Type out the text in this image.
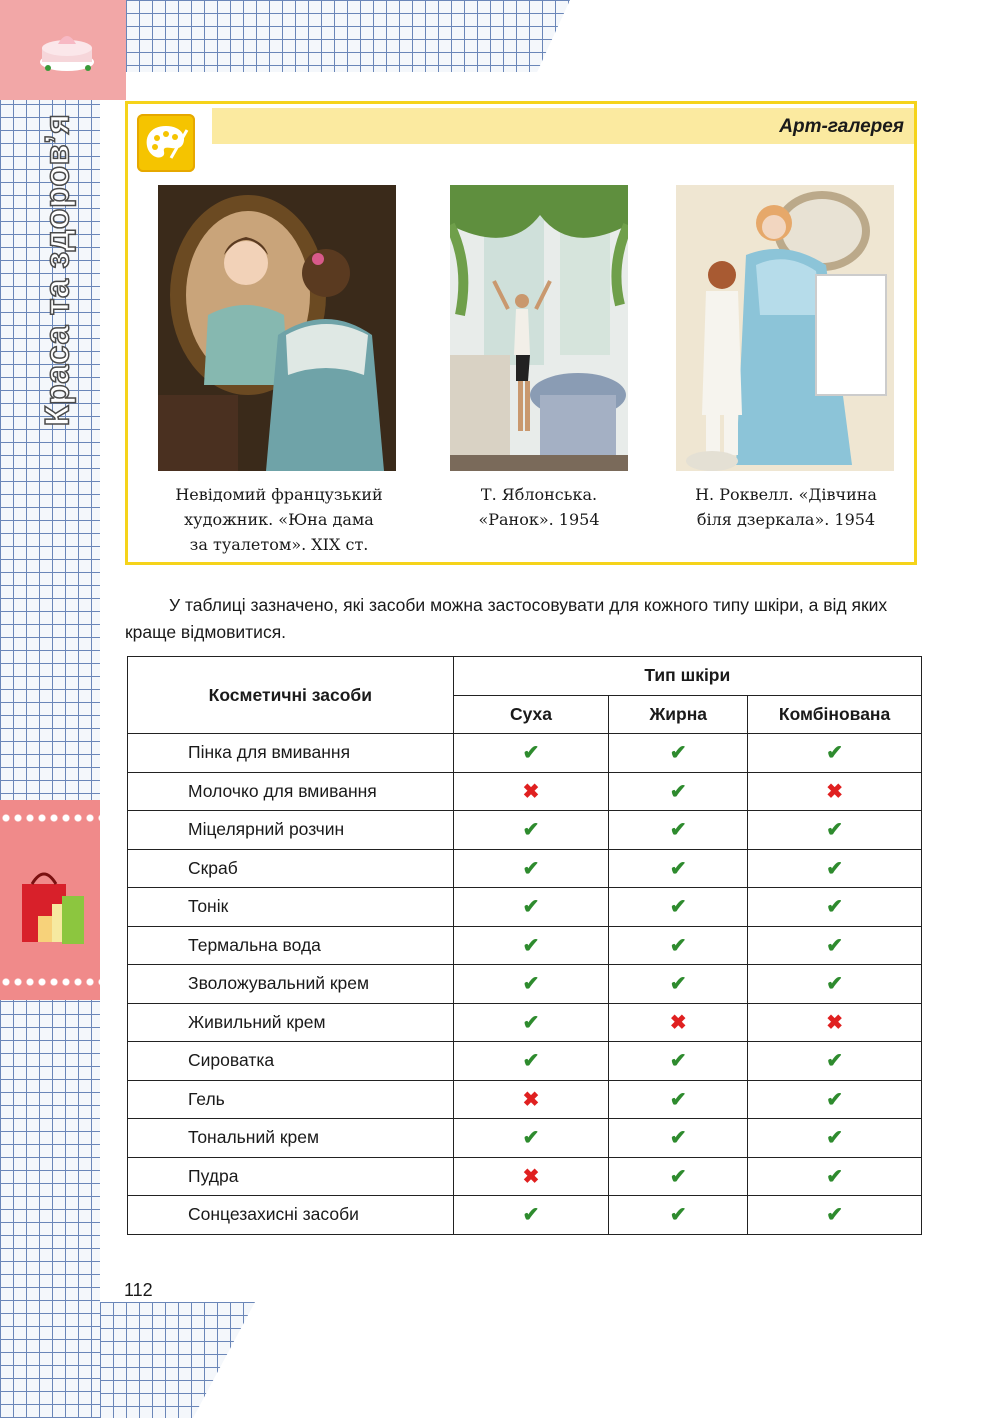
Краса та здоров’я	Арт-галерея
Невідомий французький
художник. «Юна дама
за туалетом». XIX ст.
Т. Яблонська.
«Ранок». 1954
Н. Роквелл. «Дівчина
біля дзеркала». 1954

У таблиці зазначено, які засоби можна застосовувати для кожного типу шкіри, а від яких краще відмовитися.

Косметичні засоби	Тип шкіри		
	Суха	Жирна	Комбінована
Пінка для вмивання	✔	✔	✔
Молочко для вмивання	✖	✔	✖
Міцелярний розчин	✔	✔	✔
Скраб	✔	✔	✔
Тонік	✔	✔	✔
Термальна вода	✔	✔	✔
Зволожувальний крем	✔	✔	✔
Живильний крем	✔	✖	✖
Сироватка	✔	✔	✔
Гель	✖	✔	✔
Тональний крем	✔	✔	✔
Пудра	✖	✔	✔
Сонцезахисні засоби	✔	✔	✔
112
